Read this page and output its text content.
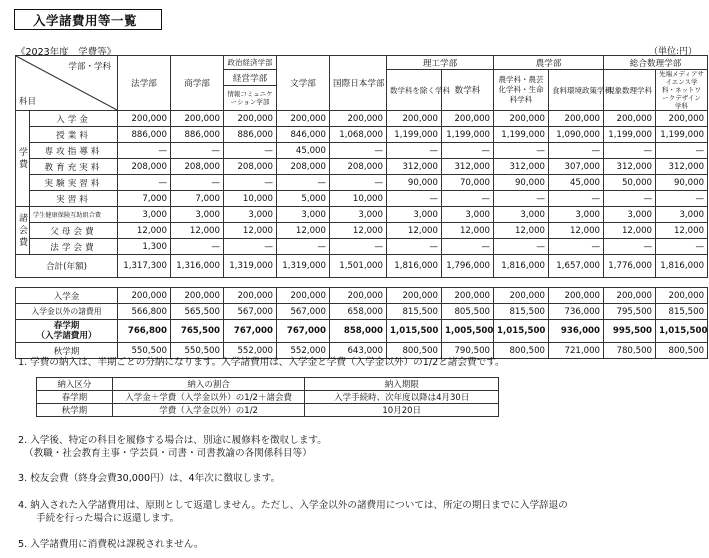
入学諸費用等一覧
《2023年度　学費等》	（単位:円）
学部・学科
科目		法学部	商学部	政治経済学部	文学部	国際日本学部	理工学部		農学部		総合数理学部	
				経営学部			数学科を除く学科	数学科	農学科・農芸化学科・生命科学科	食料環境政策学科	現象数理学科	先端メディアサイエンス学科・ネットワークデザイン学科

				情報コミュニケーション学部								

学費	入学金	200,000	200,000	200,000	200,000	200,000	200,000	200,000	200,000	200,000	200,000	200,000
	授業料	886,000	886,000	886,000	846,000	1,068,000	1,199,000	1,199,000	1,199,000	1,090,000	1,199,000	1,199,000
	専攻指導料	—	—	—	45,000	—	—	—	—	—	—	—
	教育充実料	208,000	208,000	208,000	208,000	208,000	312,000	312,000	312,000	307,000	312,000	312,000
	実験実習料	—	—	—	—	—	90,000	70,000	90,000	45,000	50,000	90,000
	実習料	7,000	7,000	10,000	5,000	10,000	—	—	—	—	—	—
諸会費	学生健康保険互助組合費	3,000	3,000	3,000	3,000	3,000	3,000	3,000	3,000	3,000	3,000	3,000
	父母会費	12,000	12,000	12,000	12,000	12,000	12,000	12,000	12,000	12,000	12,000	12,000
	法学会費	1,300	—	—	—	—	—	—	—	—	—	—
合計(年額)		1,317,300	1,316,000	1,319,000	1,319,000	1,501,000	1,816,000	1,796,000	1,816,000	1,657,000	1,776,000	1,816,000

入学金		200,000	200,000	200,000	200,000	200,000	200,000	200,000	200,000	200,000	200,000	200,000
入学金以外の諸費用		566,800	565,500	567,000	567,000	658,000	815,500	805,500	815,500	736,000	795,500	815,500

春学期
（入学諸費用）		766,800	765,500	767,000	767,000	858,000	1,015,500	1,005,500	1,015,500	936,000	995,500	1,015,500
秋学期		550,500	550,500	552,000	552,000	643,000	800,500	790,500	800,500	721,000	780,500	800,500
納入区分	納入の割合	納入期限
春学期	入学金＋学費（入学金以外）の1/2＋諸会費	入学手続時、次年度以降は4月30日
秋学期	学費（入学金以外）の1/2	10月20日
1. 学費の納入は、半期ごとの分納になります。入学諸費用は、入学金と学費（入学金以外）の1/2と諸会費です。
2. 入学後、特定の科目を履修する場合は、別途に履修料を徴収します。
（教職・社会教育主事・学芸員・司書・司書教諭の各関係科目等）
3. 校友会費（終身会費30,000円）は、4年次に徴収します。
4. 納入された入学諸費用は、原則として返還しません。ただし、入学金以外の諸費用については、所定の期日までに入学辞退の
手続を行った場合に返還します。
5. 入学諸費用に消費税は課税されません。
